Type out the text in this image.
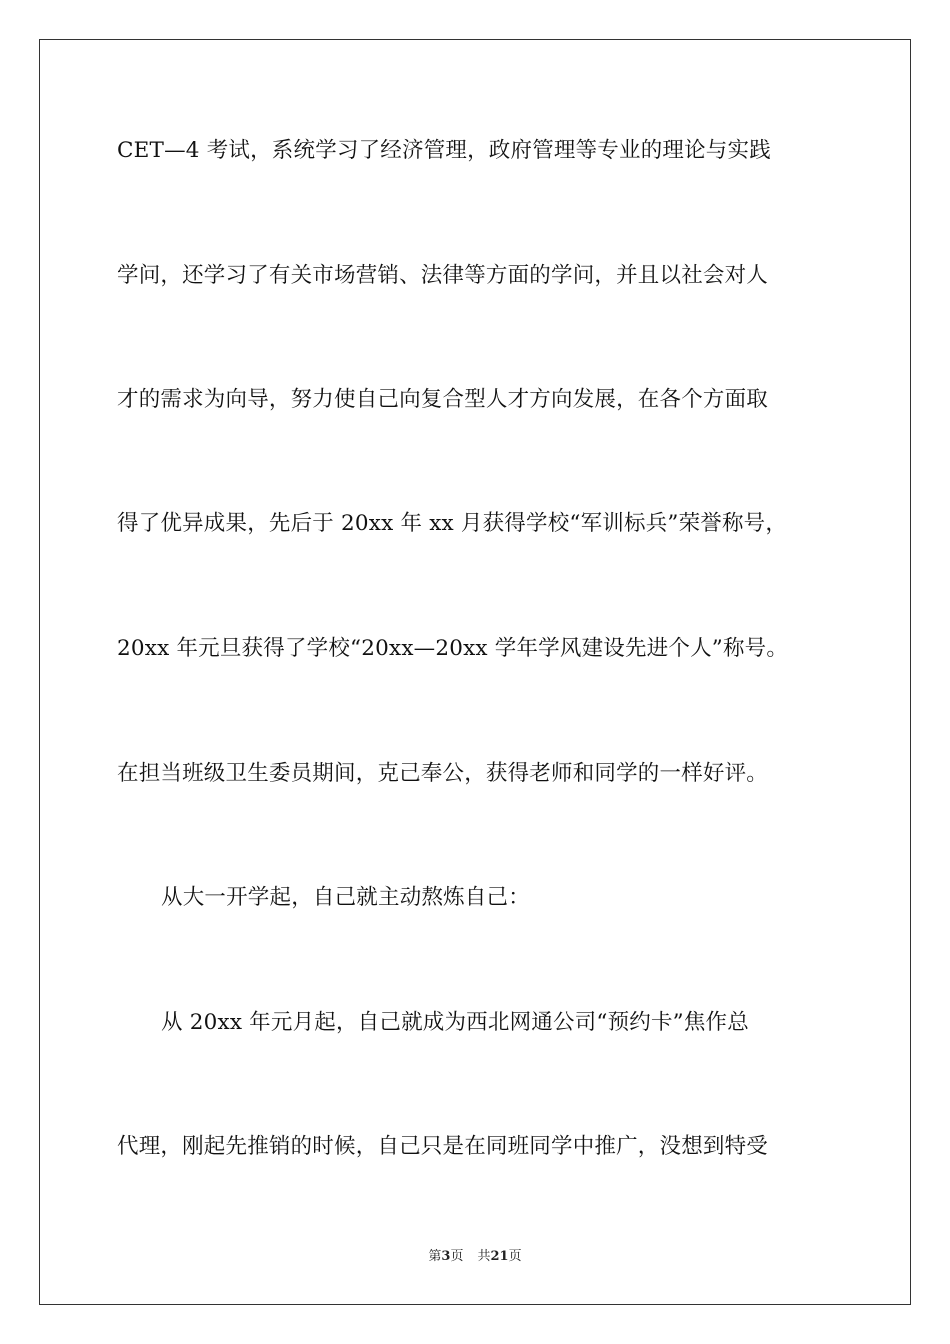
CET—4 考试，系统学习了经济管理，政府管理等专业的理论与实践
学问，还学习了有关市场营销、法律等方面的学问，并且以社会对人
才的需求为向导，努力使自己向复合型人才方向发展，在各个方面取
得了优异成果，先后于 20xx 年 xx 月获得学校“军训标兵”荣誉称号，
20xx 年元旦获得了学校“20xx—20xx 学年学风建设先进个人”称号。
在担当班级卫生委员期间，克己奉公，获得老师和同学的一样好评。
从大一开学起，自己就主动熬炼自己：
从 20xx 年元月起，自己就成为西北网通公司“预约卡”焦作总
代理，刚起先推销的时候，自己只是在同班同学中推广，没想到特受
第3页 共21页
